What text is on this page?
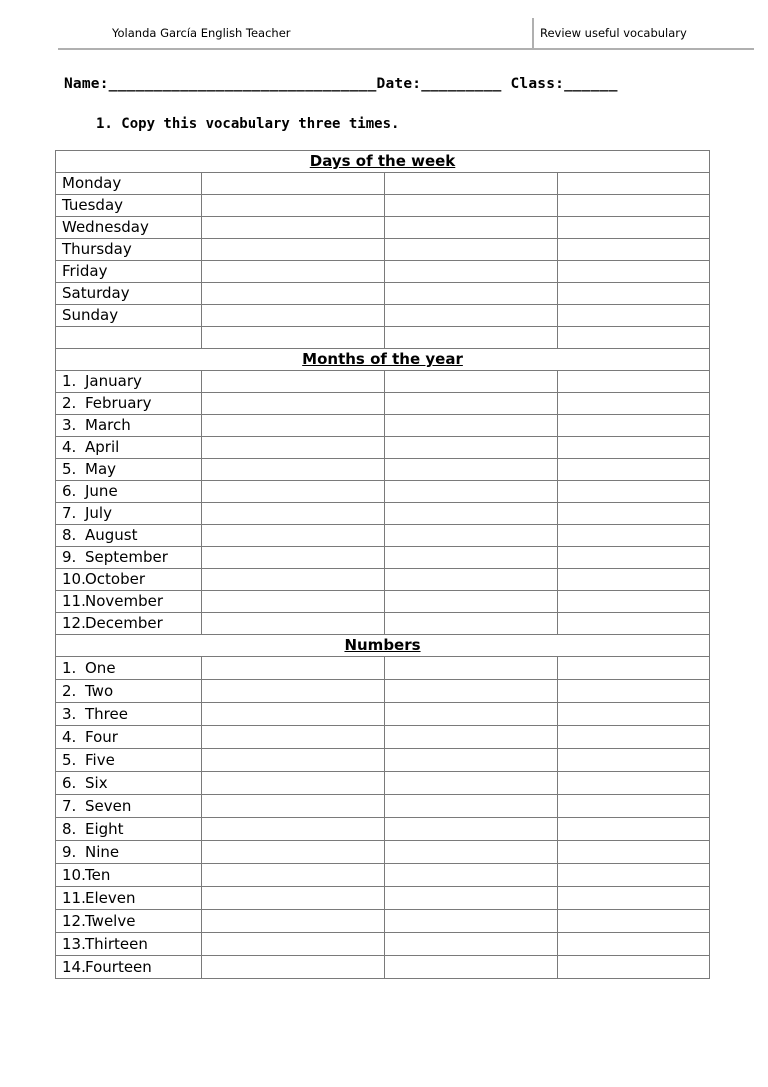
Yolanda García English Teacher	Review useful vocabulary
Name:______________________________Date:_________ Class:______
1. Copy this vocabulary three times.
Days of the week			
Monday			
Tuesday			
Wednesday			
Thursday			
Friday			
Saturday			
Sunday			

Months of the year			
1. January			
2. February			
3. March			
4. April			
5. May			
6. June			
7. July			
8. August			
9. September			
10.October			
11.November			
12.December			
Numbers			
1. One			
2. Two			
3. Three			
4. Four			
5. Five			
6. Six			
7. Seven			
8. Eight			
9. Nine			
10.Ten			
11.Eleven			
12.Twelve			
13.Thirteen			
14.Fourteen			
